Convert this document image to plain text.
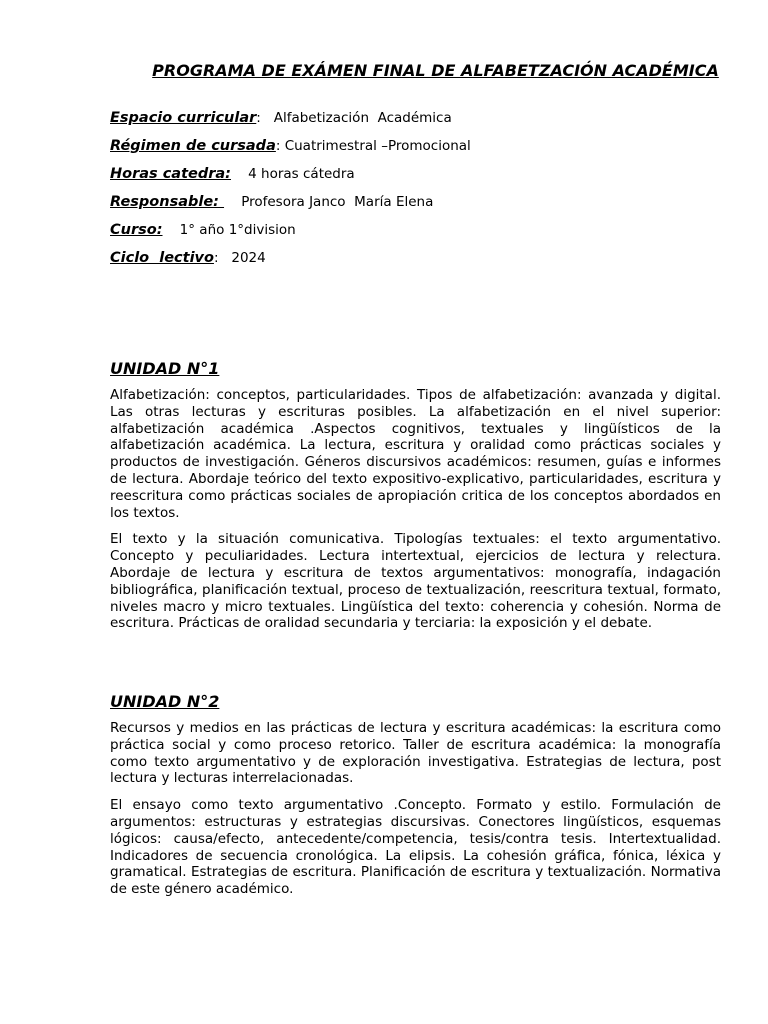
PROGRAMA DE EXÁMEN FINAL DE ALFABETZACIÓN ACADÉMICA
Espacio curricular:   Alfabetización  Académica
Régimen de cursada: Cuatrimestral –Promocional
Horas catedra:    4 horas cátedra
Responsable:     Profesora Janco  María Elena
Curso:    1° año 1°division
Ciclo  lectivo:   2024
UNIDAD N°1

Alfabetización: conceptos, particularidades. Tipos de alfabetización: avanzada y digital. Las otras lecturas y escrituras posibles. La alfabetización en el nivel superior: alfabetización académica .Aspectos cognitivos, textuales y lingüísticos de la alfabetización académica. La lectura, escritura y oralidad como prácticas sociales y productos de investigación. Géneros discursivos académicos: resumen, guías e informes de lectura. Abordaje teórico del texto expositivo-explicativo, particularidades, escritura y reescritura como prácticas sociales de apropiación critica de los conceptos abordados en los textos.

El texto y la situación comunicativa. Tipologías textuales: el texto argumentativo. Concepto y peculiaridades. Lectura intertextual, ejercicios de lectura y relectura. Abordaje de lectura y escritura de textos argumentativos: monografía, indagación bibliográfica, planificación textual, proceso de textualización, reescritura textual, formato, niveles macro y micro textuales. Lingüística del texto: coherencia y cohesión. Norma de escritura. Prácticas de oralidad secundaria y terciaria: la exposición y el debate.

UNIDAD N°2

Recursos y medios en las prácticas de lectura y escritura académicas: la escritura como práctica social y como proceso retorico. Taller de escritura académica: la monografía como texto argumentativo y de exploración investigativa. Estrategias de lectura, post lectura y lecturas interrelacionadas.

El ensayo como texto argumentativo .Concepto. Formato y estilo. Formulación de argumentos: estructuras y estrategias discursivas. Conectores lingüísticos, esquemas lógicos: causa/efecto, antecedente/competencia, tesis/contra tesis. Intertextualidad. Indicadores de secuencia cronológica. La elipsis. La cohesión gráfica, fónica, léxica y gramatical. Estrategias de escritura. Planificación de escritura y textualización. Normativa de este género académico.
